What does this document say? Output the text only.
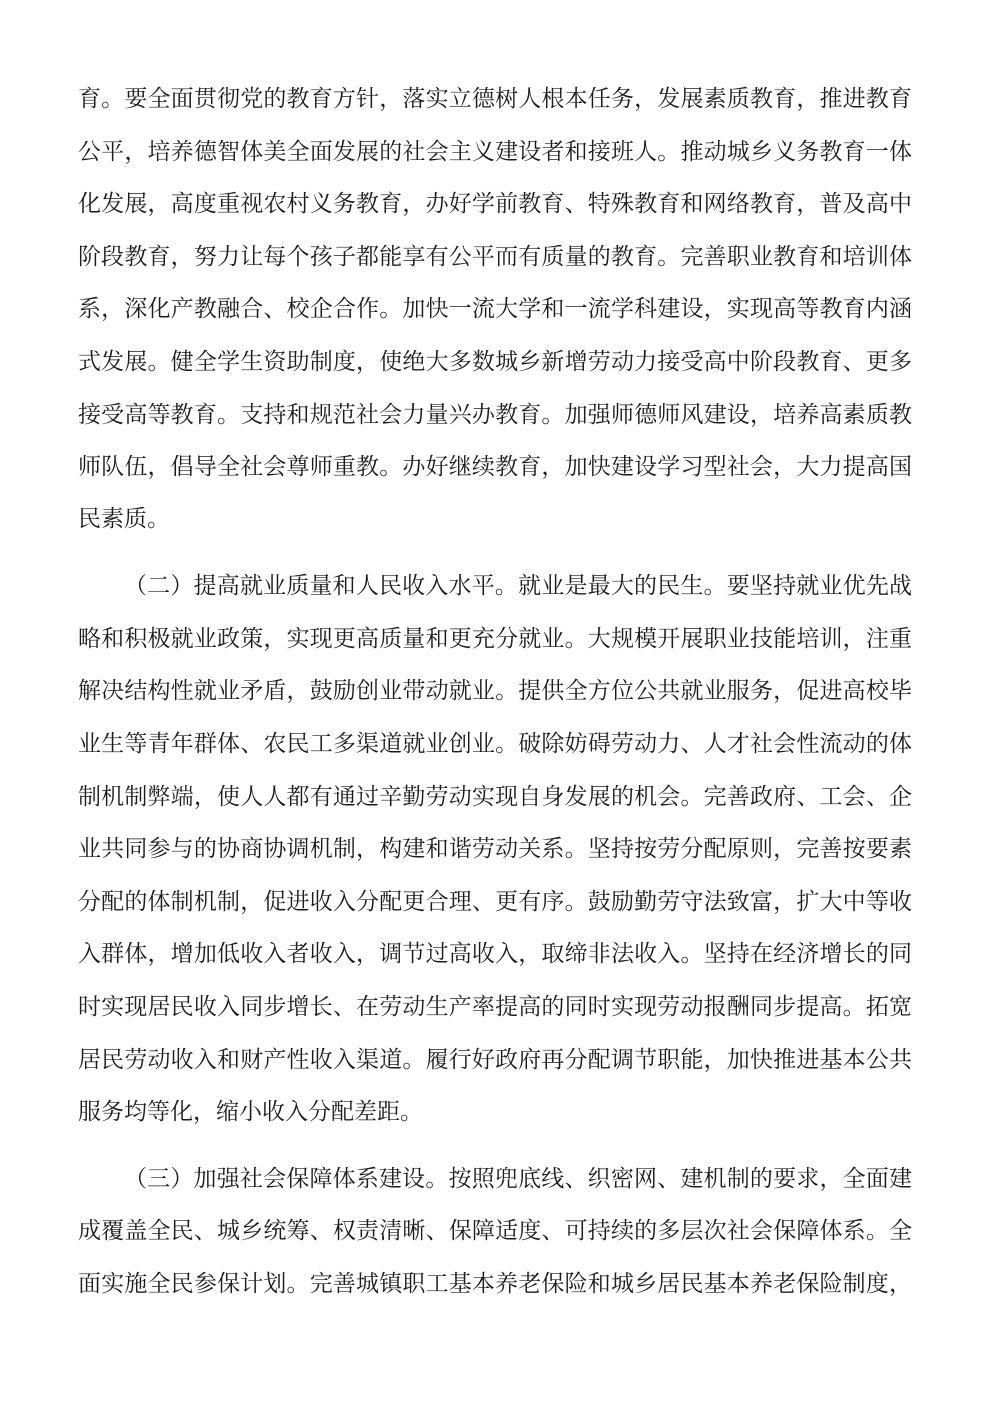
育。要全面贯彻党的教育方针，落实立德树人根本任务，发展素质教育，推进教育
公平，培养德智体美全面发展的社会主义建设者和接班人。推动城乡义务教育一体
化发展，高度重视农村义务教育，办好学前教育、特殊教育和网络教育，普及高中
阶段教育，努力让每个孩子都能享有公平而有质量的教育。完善职业教育和培训体
系，深化产教融合、校企合作。加快一流大学和一流学科建设，实现高等教育内涵
式发展。健全学生资助制度，使绝大多数城乡新增劳动力接受高中阶段教育、更多
接受高等教育。支持和规范社会力量兴办教育。加强师德师风建设，培养高素质教
师队伍，倡导全社会尊师重教。办好继续教育，加快建设学习型社会，大力提高国
民素质。
（二）提高就业质量和人民收入水平。就业是最大的民生。要坚持就业优先战
略和积极就业政策，实现更高质量和更充分就业。大规模开展职业技能培训，注重
解决结构性就业矛盾，鼓励创业带动就业。提供全方位公共就业服务，促进高校毕
业生等青年群体、农民工多渠道就业创业。破除妨碍劳动力、人才社会性流动的体
制机制弊端，使人人都有通过辛勤劳动实现自身发展的机会。完善政府、工会、企
业共同参与的协商协调机制，构建和谐劳动关系。坚持按劳分配原则，完善按要素
分配的体制机制，促进收入分配更合理、更有序。鼓励勤劳守法致富，扩大中等收
入群体，增加低收入者收入，调节过高收入，取缔非法收入。坚持在经济增长的同
时实现居民收入同步增长、在劳动生产率提高的同时实现劳动报酬同步提高。拓宽
居民劳动收入和财产性收入渠道。履行好政府再分配调节职能，加快推进基本公共
服务均等化，缩小收入分配差距。
（三）加强社会保障体系建设。按照兜底线、织密网、建机制的要求，全面建
成覆盖全民、城乡统筹、权责清晰、保障适度、可持续的多层次社会保障体系。全
面实施全民参保计划。完善城镇职工基本养老保险和城乡居民基本养老保险制度，
